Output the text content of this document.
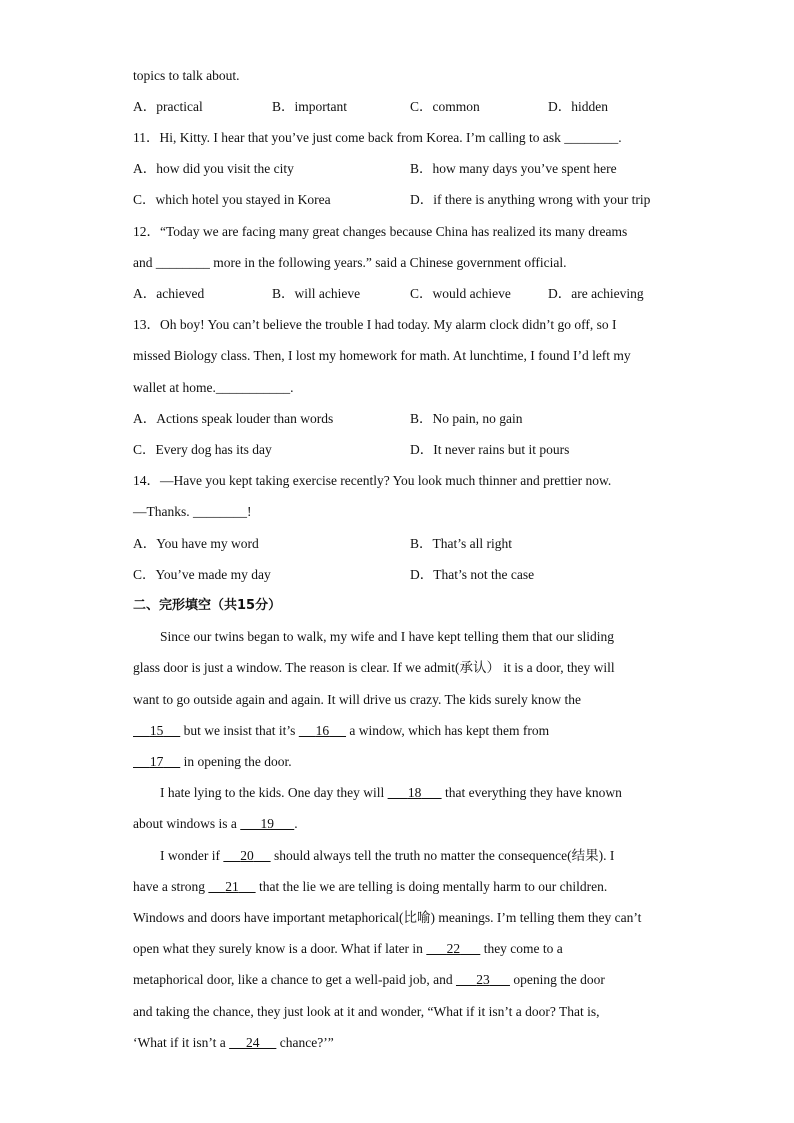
topics to talk about.
A．practical	B．important	C．common	D．hidden
11．Hi, Kitty. I hear that you’ve just come back from Korea. I’m calling to ask ________.
A．how did you visit the city	B．how many days you’ve spent here
C．which hotel you stayed in Korea	D．if there is anything wrong with your trip
12．“Today we are facing many great changes because China has realized its many dreams
and ________ more in the following years.” said a Chinese government official.
A．achieved	B．will achieve	C．would achieve	D．are achieving
13．Oh boy! You can’t believe the trouble I had today. My alarm clock didn’t go off, so I
missed Biology class. Then, I lost my homework for math. At lunchtime, I found I’d left my
wallet at home.___________.
A．Actions speak louder than words	B．No pain, no gain
C．Every dog has its day	D．It never rains but it pours
14．—Have you kept taking exercise recently? You look much thinner and prettier now.
—Thanks. ________!
A．You have my word	B．That’s all right
C．You’ve made my day	D．That’s not the case
二、完形填空（共15分）
Since our twins began to walk, my wife and I have kept telling them that our sliding
glass door is just a window. The reason is clear. If we admit(承认） it is a door, they will
want to go outside again and again. It will drive us crazy. The kids surely know the
15      but we insist that it’s      16      a window, which has kept them from
17      in opening the door.
I hate lying to the kids. One day they will       18       that everything they have known
about windows is a       19 .
I wonder if      20      should always tell the truth no matter the consequence(结果). I
have a strong      21      that the lie we are telling is doing mentally harm to our children.
Windows and doors have important metaphorical(比喻) meanings. I’m telling them they can’t
open what they surely know is a door. What if later in       22       they come to a
metaphorical door, like a chance to get a well-paid job, and       23       opening the door
and taking the chance, they just look at it and wonder, “What if it isn’t a door? That is,
‘What if it isn’t a      24      chance?’”
